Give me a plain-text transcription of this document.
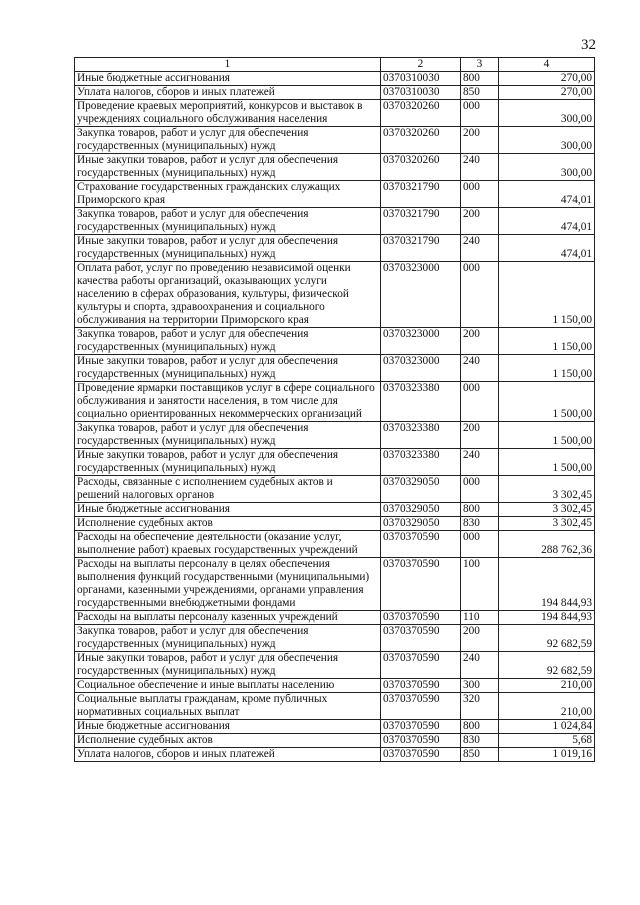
32
1	2	3	4
Иные бюджетные ассигнования	0370310030	800	270,00
Уплата налогов, сборов и иных платежей	0370310030	850	270,00
Проведение краевых мероприятий, конкурсов и выставок в учреждениях социального обслуживания населения	0370320260	000	300,00
Закупка товаров, работ и услуг для обеспечения государственных (муниципальных) нужд	0370320260	200	300,00
Иные закупки товаров, работ и услуг для обеспечения государственных (муниципальных) нужд	0370320260	240	300,00
Страхование государственных гражданских служащих Приморского края	0370321790	000	474,01
Закупка товаров, работ и услуг для обеспечения государственных (муниципальных) нужд	0370321790	200	474,01
Иные закупки товаров, работ и услуг для обеспечения государственных (муниципальных) нужд	0370321790	240	474,01
Оплата работ, услуг по проведению независимой оценки качества работы организаций, оказывающих услуги населению в сферах образования, культуры, физической культуры и спорта, здравоохранения и социального обслуживания на территории Приморского края	0370323000	000	1 150,00
Закупка товаров, работ и услуг для обеспечения государственных (муниципальных) нужд	0370323000	200	1 150,00
Иные закупки товаров, работ и услуг для обеспечения государственных (муниципальных) нужд	0370323000	240	1 150,00
Проведение ярмарки поставщиков услуг в сфере социального обслуживания и занятости населения, в том числе для социально ориентированных некоммерческих организаций	0370323380	000	1 500,00
Закупка товаров, работ и услуг для обеспечения государственных (муниципальных) нужд	0370323380	200	1 500,00
Иные закупки товаров, работ и услуг для обеспечения государственных (муниципальных) нужд	0370323380	240	1 500,00
Расходы, связанные с исполнением судебных актов и решений налоговых органов	0370329050	000	3 302,45
Иные бюджетные ассигнования	0370329050	800	3 302,45
Исполнение судебных актов	0370329050	830	3 302,45
Расходы на обеспечение деятельности (оказание услуг, выполнение работ) краевых государственных учреждений	0370370590	000	288 762,36
Расходы на выплаты персоналу в целях обеспечения выполнения функций государственными (муниципальными) органами, казенными учреждениями, органами управления государственными внебюджетными фондами	0370370590	100	194 844,93
Расходы на выплаты персоналу казенных учреждений	0370370590	110	194 844,93
Закупка товаров, работ и услуг для обеспечения государственных (муниципальных) нужд	0370370590	200	92 682,59
Иные закупки товаров, работ и услуг для обеспечения государственных (муниципальных) нужд	0370370590	240	92 682,59
Социальное обеспечение и иные выплаты населению	0370370590	300	210,00
Социальные выплаты гражданам, кроме публичных нормативных социальных выплат	0370370590	320	210,00
Иные бюджетные ассигнования	0370370590	800	1 024,84
Исполнение судебных актов	0370370590	830	5,68
Уплата налогов, сборов и иных платежей	0370370590	850	1 019,16
